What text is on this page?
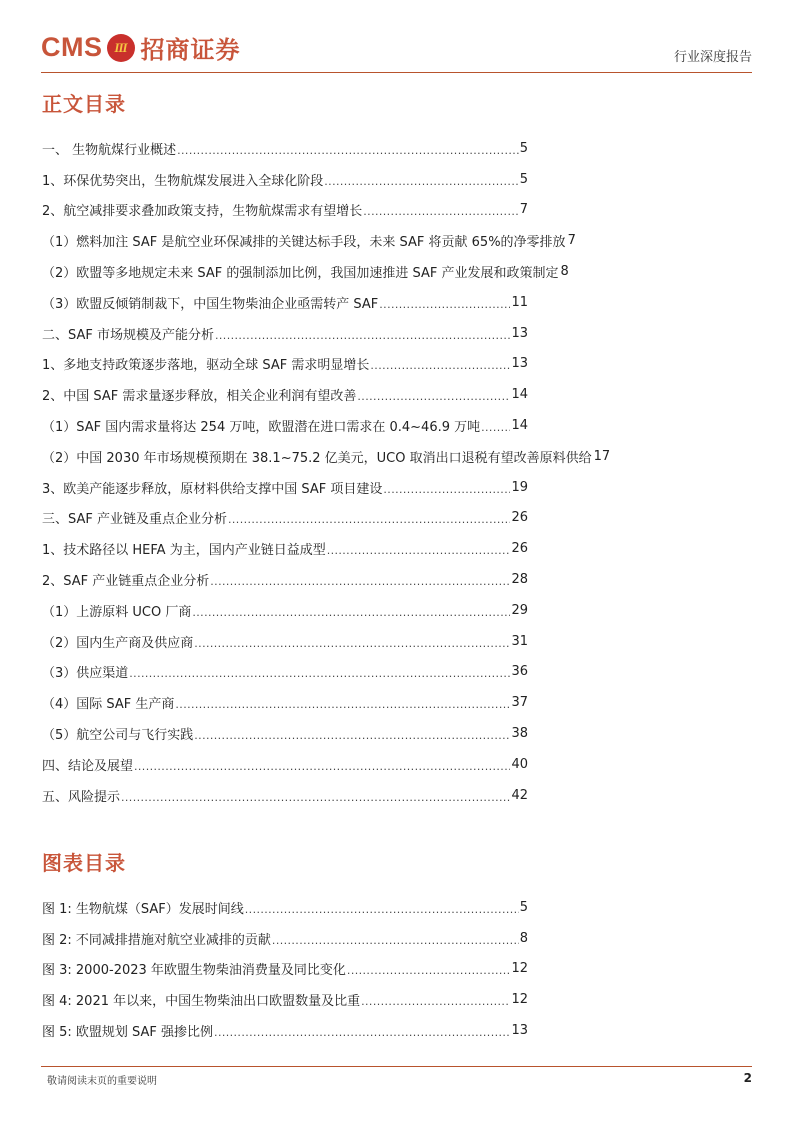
CMS III 招商证券	行业深度报告
正文目录
一、 生物航煤行业概述 .....	5
1、环保优势突出，生物航煤发展进入全球化阶段 .....	5
2、航空减排要求叠加政策支持，生物航煤需求有望增长 .....	7
（1）燃料加注 SAF 是航空业环保减排的关键达标手段，未来 SAF 将贡献 65%的净零排放 7
（2）欧盟等多地规定未来 SAF 的强制添加比例，我国加速推进 SAF 产业发展和政策制定 8
（3）欧盟反倾销制裁下，中国生物柴油企业亟需转产 SAF .....	11
二、SAF 市场规模及产能分析 .....	13
1、多地支持政策逐步落地，驱动全球 SAF 需求明显增长 .....	13
2、中国 SAF 需求量逐步释放，相关企业利润有望改善 .....	14
（1）SAF 国内需求量将达 254 万吨，欧盟潜在进口需求在 0.4~46.9 万吨 ..... 14
（2）中国 2030 年市场规模预期在 38.1~75.2 亿美元，UCO 取消出口退税有望改善原料供给 17
3、欧美产能逐步释放，原材料供给支撑中国 SAF 项目建设 .....	19
三、SAF 产业链及重点企业分析 .....	26
1、技术路径以 HEFA 为主，国内产业链日益成型 .....	26
2、SAF 产业链重点企业分析 .....	28
（1）上游原料 UCO 厂商 .....	29
（2）国内生产商及供应商 .....	31
（3）供应渠道 .....	36
（4）国际 SAF 生产商 .....	37
（5）航空公司与飞行实践 .....	38
四、结论及展望 .....	40
五、风险提示 .....	42
图表目录
图 1: 生物航煤（SAF）发展时间线 .....	5
图 2: 不同减排措施对航空业减排的贡献 .....	8
图 3: 2000-2023 年欧盟生物柴油消费量及同比变化 .....	12
图 4: 2021 年以来，中国生物柴油出口欧盟数量及比重 .....	12
图 5: 欧盟规划 SAF 强掺比例 .....	13
敬请阅读末页的重要说明	2
